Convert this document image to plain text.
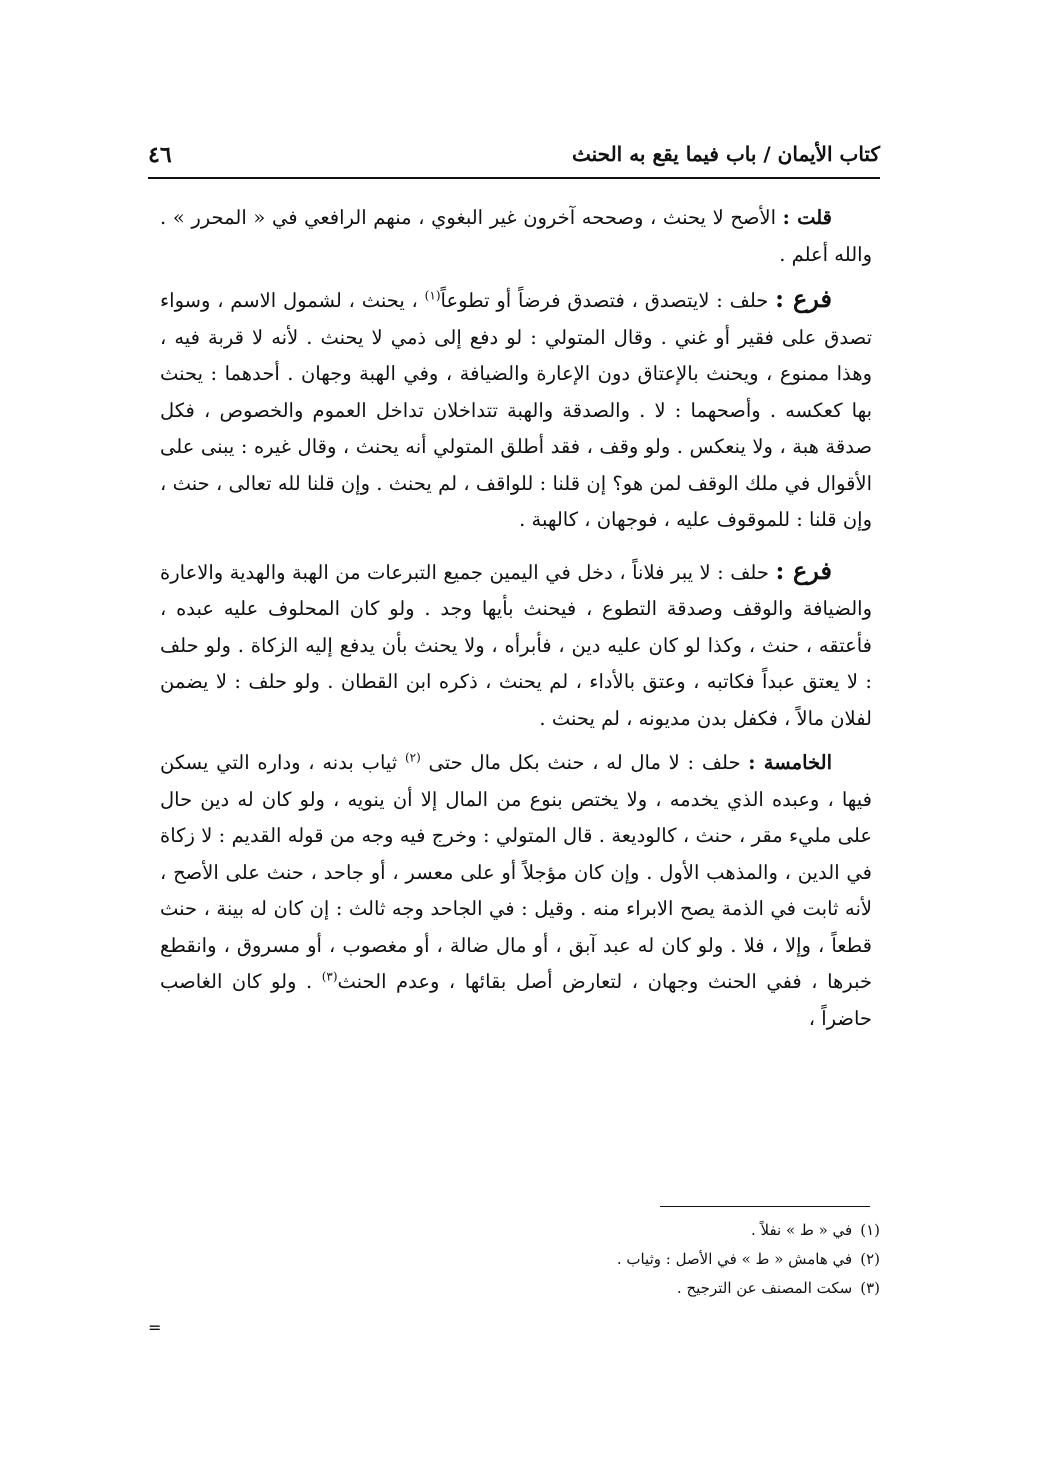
كتاب الأيمان / باب فيما يقع به الحنث
٤٦

قلت : الأصح لا يحنث ، وصححه آخرون غير البغوي ، منهم الرافعي في « المحرر » . والله أعلم .

فرع : حلف : لايتصدق ، فتصدق فرضاً أو تطوعاً$^{(١)}$ ، يحنث ، لشمول الاسم ، وسواء تصدق على فقير أو غني . وقال المتولي : لو دفع إلى ذمي لا يحنث . لأنه لا قربة فيه ، وهذا ممنوع ، ويحنث بالإعتاق دون الإعارة والضيافة ، وفي الهبة وجهان . أحدهما : يحنث بها كعكسه . وأصحهما : لا . والصدقة والهبة تتداخلان تداخل العموم والخصوص ، فكل صدقة هبة ، ولا ينعكس . ولو وقف ، فقد أطلق المتولي أنه يحنث ، وقال غيره : يبنى على الأقوال في ملك الوقف لمن هو؟ إن قلنا : للواقف ، لم يحنث . وإن قلنا لله تعالى ، حنث ، وإن قلنا : للموقوف عليه ، فوجهان ، كالهبة .

فرع : حلف : لا يبر فلاناً ، دخل في اليمين جميع التبرعات من الهبة والهدية والاعارة والضيافة والوقف وصدقة التطوع ، فيحنث بأيها وجد . ولو كان المحلوف عليه عبده ، فأعتقه ، حنث ، وكذا لو كان عليه دين ، فأبرأه ، ولا يحنث بأن يدفع إليه الزكاة . ولو حلف : لا يعتق عبداً فكاتبه ، وعتق بالأداء ، لم يحنث ، ذكره ابن القطان . ولو حلف : لا يضمن لفلان مالاً ، فكفل بدن مديونه ، لم يحنث .

الخامسة : حلف : لا مال له ، حنث بكل مال حتى $^{(٢)}$ ثياب بدنه ، وداره التي يسكن فيها ، وعبده الذي يخدمه ، ولا يختص بنوع من المال إلا أن ينويه ، ولو كان له دين حال على مليء مقر ، حنث ، كالوديعة . قال المتولي : وخرج فيه وجه من قوله القديم : لا زكاة في الدين ، والمذهب الأول . وإن كان مؤجلاً أو على معسر ، أو جاحد ، حنث على الأصح ، لأنه ثابت في الذمة يصح الابراء منه . وقيل : في الجاحد وجه ثالث : إن كان له بينة ، حنث قطعاً ، وإلا ، فلا . ولو كان له عبد آبق ، أو مال ضالة ، أو مغصوب ، أو مسروق ، وانقطع خبرها ، ففي الحنث وجهان ، لتعارض أصل بقائها ، وعدم الحنث$^{(٣)}$ . ولو كان الغاصب حاضراً ،

(١)في « ط » نفلاً .
(٢)في هامش « ط » في الأصل : وثياب .
(٣)سكت المصنف عن الترجيح .
=
